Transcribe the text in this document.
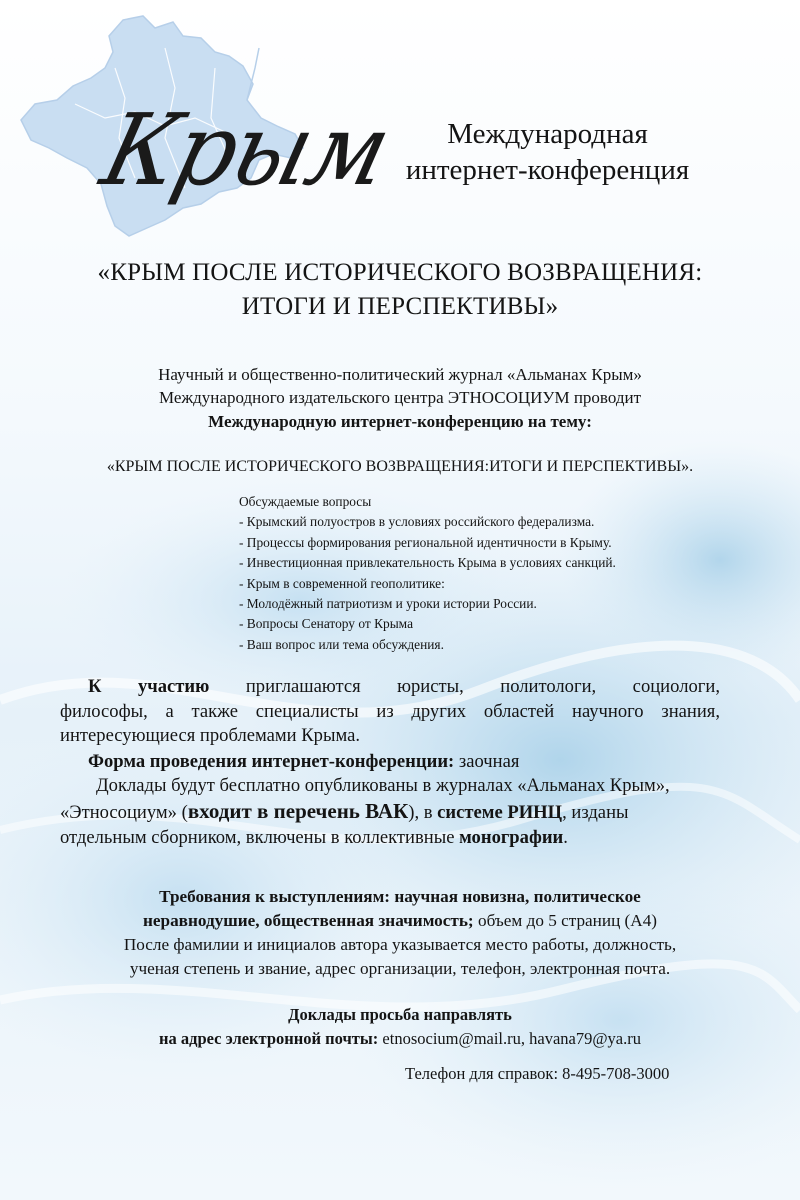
Крым	Международная
интернет-конференция
«КРЫМ ПОСЛЕ ИСТОРИЧЕСКОГО ВОЗВРАЩЕНИЯ:
ИТОГИ И ПЕРСПЕКТИВЫ»
Научный и общественно-политический журнал «Альманах Крым»
Международного издательского центра ЭТНОСОЦИУМ проводит
Международную интернет-конференцию на тему:
«КРЫМ ПОСЛЕ ИСТОРИЧЕСКОГО ВОЗВРАЩЕНИЯ:ИТОГИ И ПЕРСПЕКТИВЫ».
Обсуждаемые вопросы
- Крымский полуостров в условиях российского федерализма.
- Процессы формирования региональной идентичности в Крыму.
- Инвестиционная привлекательность Крыма в условиях санкций.
- Крым в современной геополитике:
- Молодёжный патриотизм и уроки истории России.
- Вопросы Сенатору от Крыма
- Ваш вопрос или тема обсуждения.
К участию приглашаются юристы, политологи, социологи,
философы, а также специалисты из других областей научного знания,
интересующиеся проблемами Крыма.
Форма проведения интернет-конференции: заочная
Доклады будут бесплатно опубликованы в журналах «Альманах Крым»,
«Этносоциум» (входит в перечень ВАК), в системе РИНЦ, изданы
отдельным сборником, включены в коллективные монографии.
Требования к выступлениям: научная новизна, политическое
неравнодушие, общественная значимость; объем до 5 страниц (А4)
После фамилии и инициалов автора указывается место работы, должность,
ученая степень и звание, адрес организации, телефон, электронная почта.
Доклады просьба направлять
на адрес электронной почты: etnosocium@mail.ru, havana79@ya.ru
Телефон для справок: 8-495-708-3000
